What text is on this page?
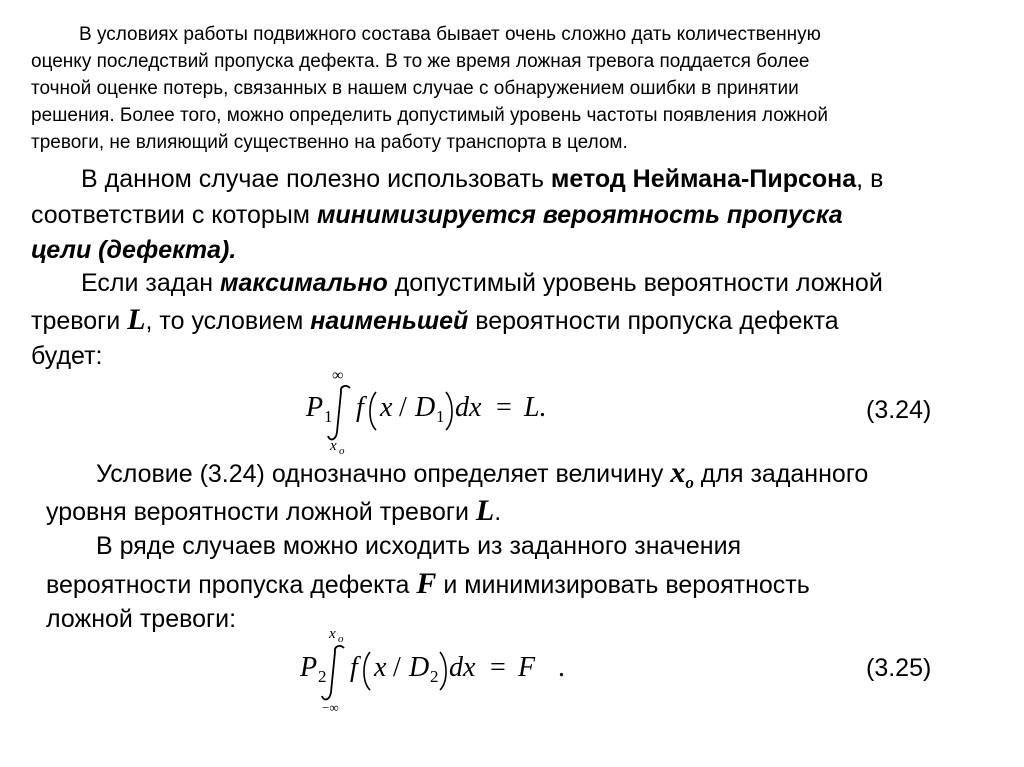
В условиях работы подвижного состава бывает очень сложно дать количественную
оценку последствий пропуска дефекта. В то же время ложная тревога поддается более
точной оценке потерь, связанных в нашем случае с обнаружением ошибки в принятии
решения. Более того, можно определить допустимый уровень частоты появления ложной
тревоги, не влияющий существенно на работу транспорта в целом.
В данном случае полезно использовать метод Неймана-Пирсона, в
соответствии с которым минимизируется вероятность пропуска
цели (дефекта).
Если задан максимально допустимый уровень вероятности ложной
тревоги L, то условием наименьшей вероятности пропуска дефекта
будет:
P 1
∞
x o
f x / D 1 dx = L.	(3.24)
Условие (3.24) однозначно определяет величину $x_o$ для заданного
уровня вероятности ложной тревоги L.
В ряде случаев можно исходить из заданного значения
вероятности пропуска дефекта F и минимизировать вероятность
ложной тревоги:
P 2
x o
−∞
f x / D 2 dx = F .	(3.25)
